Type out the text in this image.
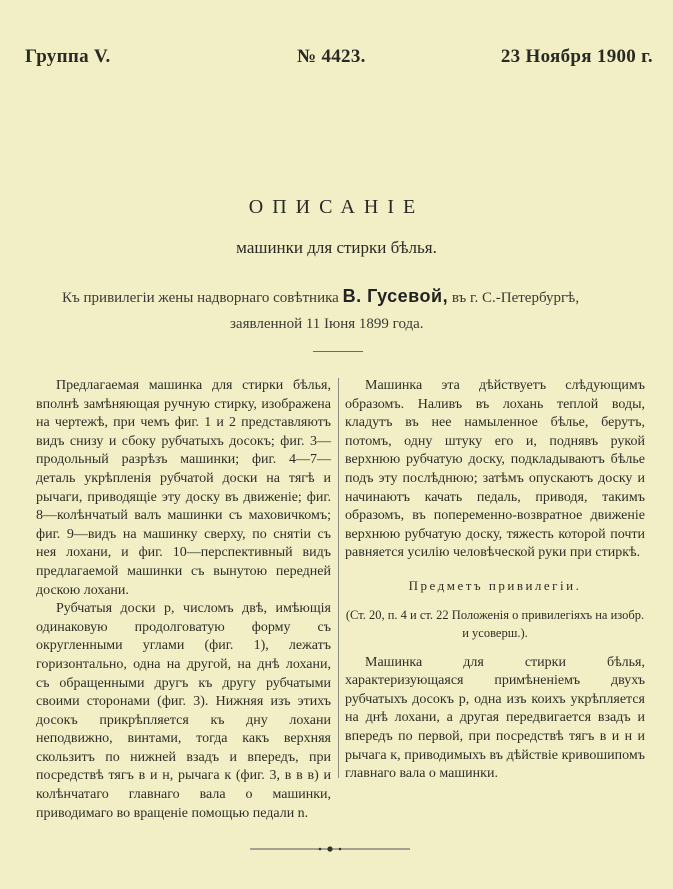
Группа V.	№ 4423.	23 Ноября 1900 г.
ОПИСАНІЕ
машинки для стирки бѣлья.
Къ привилегіи жены надворнаго совѣтника В. Гусевой, въ г. С.-Петербургѣ,
заявленной 11 Іюня 1899 года.

Предлагаемая машинка для стирки бѣлья, вполнѣ замѣняющая ручную стирку, изображена на чертежѣ, при чемъ фиг. 1 и 2 представляютъ видъ снизу и сбоку рубчатыхъ досокъ; фиг. 3—продольный разрѣзъ машинки; фиг. 4—7—деталь укрѣпленія рубчатой доски на тягѣ и рычаги, приводящіе эту доску въ движеніе; фиг. 8—колѣнчатый валъ машинки съ маховичкомъ; фиг. 9—видъ на машинку сверху, по снятіи съ нея лохани, и фиг. 10—перспективный видъ предлагаемой машинки съ вынутою передней доскою лохани.

Рубчатыя доски p, числомъ двѣ, имѣющія одинаковую продолговатую форму съ округленными углами (фиг. 1), лежатъ горизонтально, одна на другой, на днѣ лохани, съ обращенными другъ къ другу рубчатыми своими сторонами (фиг. 3). Нижняя изъ этихъ досокъ прикрѣпляется къ дну лохани неподвижно, винтами, тогда какъ верхняя скользитъ по нижней взадъ и впередъ, при посредствѣ тягъ в и н, рычага к (фиг. 3, в в в) и колѣнчатаго главнаго вала о машинки, приводимаго во вращеніе помощью педали n.

Машинка эта дѣйствуетъ слѣдующимъ образомъ. Наливъ въ лохань теплой воды, кладутъ въ нее намыленное бѣлье, берутъ, потомъ, одну штуку его и, поднявъ рукой верхнюю рубчатую доску, подкладываютъ бѣлье подъ эту послѣднюю; затѣмъ опускаютъ доску и начинаютъ качать педаль, приводя, такимъ образомъ, въ попеременно-возвратное движеніе верхнюю рубчатую доску, тяжесть которой почти равняется усилію человѣческой руки при стиркѣ.

Предметъ привилегіи.
(Ст. 20, п. 4 и ст. 22 Положенія о привилегіяхъ на изобр. и усоверш.).

Машинка для стирки бѣлья, характеризующаяся примѣненіемъ двухъ рубчатыхъ досокъ p, одна изъ коихъ укрѣпляется на днѣ лохани, а другая передвигается взадъ и впередъ по первой, при посредствѣ тягъ в и н и рычага к, приводимыхъ въ дѣйствіе кривошипомъ главнаго вала о машинки.
